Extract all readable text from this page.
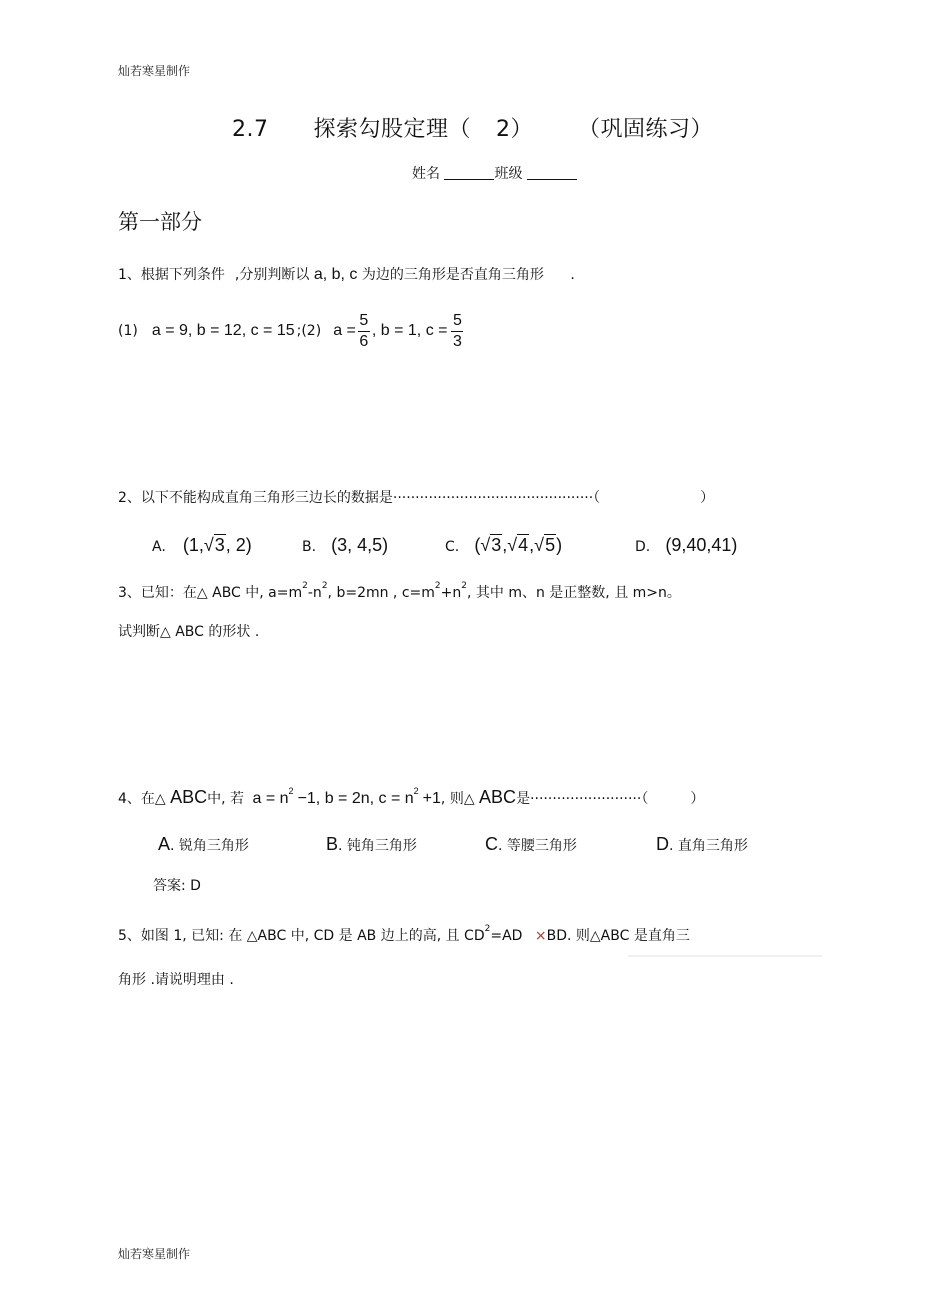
灿若寒星制作
2.7 探索勾股定理（ 2） （巩固练习）
姓名	班级
第一部分
1、根据下列条件 ,分别判断以 a, b, c 为边的三角形是否直角三角形 .
(1) a = 9, b = 12, c = 15 ;(2) $a = \frac{5}{6}$ , b = 1, $c = \frac{5}{3}$
2、以下不能构成直角三角形三边长的数据是·············································（	）
A. (1,√3, 2)	B. (3, 4,5)	C. (√3,√4,√5)	D. (9,40,41)
3、已知：在△ ABC 中, $a=m^2-n^2$, b=2mn , $c=m^2+n^2$, 其中 m、n 是正整数, 且 m>n。
试判断△ ABC 的形状 .
4、在△ ABC中, 若 $a = n^2 -1$, b = 2n, $c = n^2 +1$, 则△ ABC是·························（	）
A. 锐角三角形	B. 钝角三角形	C. 等腰三角形	D. 直角三角形
答案: D
5、如图 1, 已知: 在 △ABC 中, CD 是 AB 边上的高, 且 $CD^2=AD \times BD$. 则△ABC 是直角三
角形 .请说明理由 .
灿若寒星制作
